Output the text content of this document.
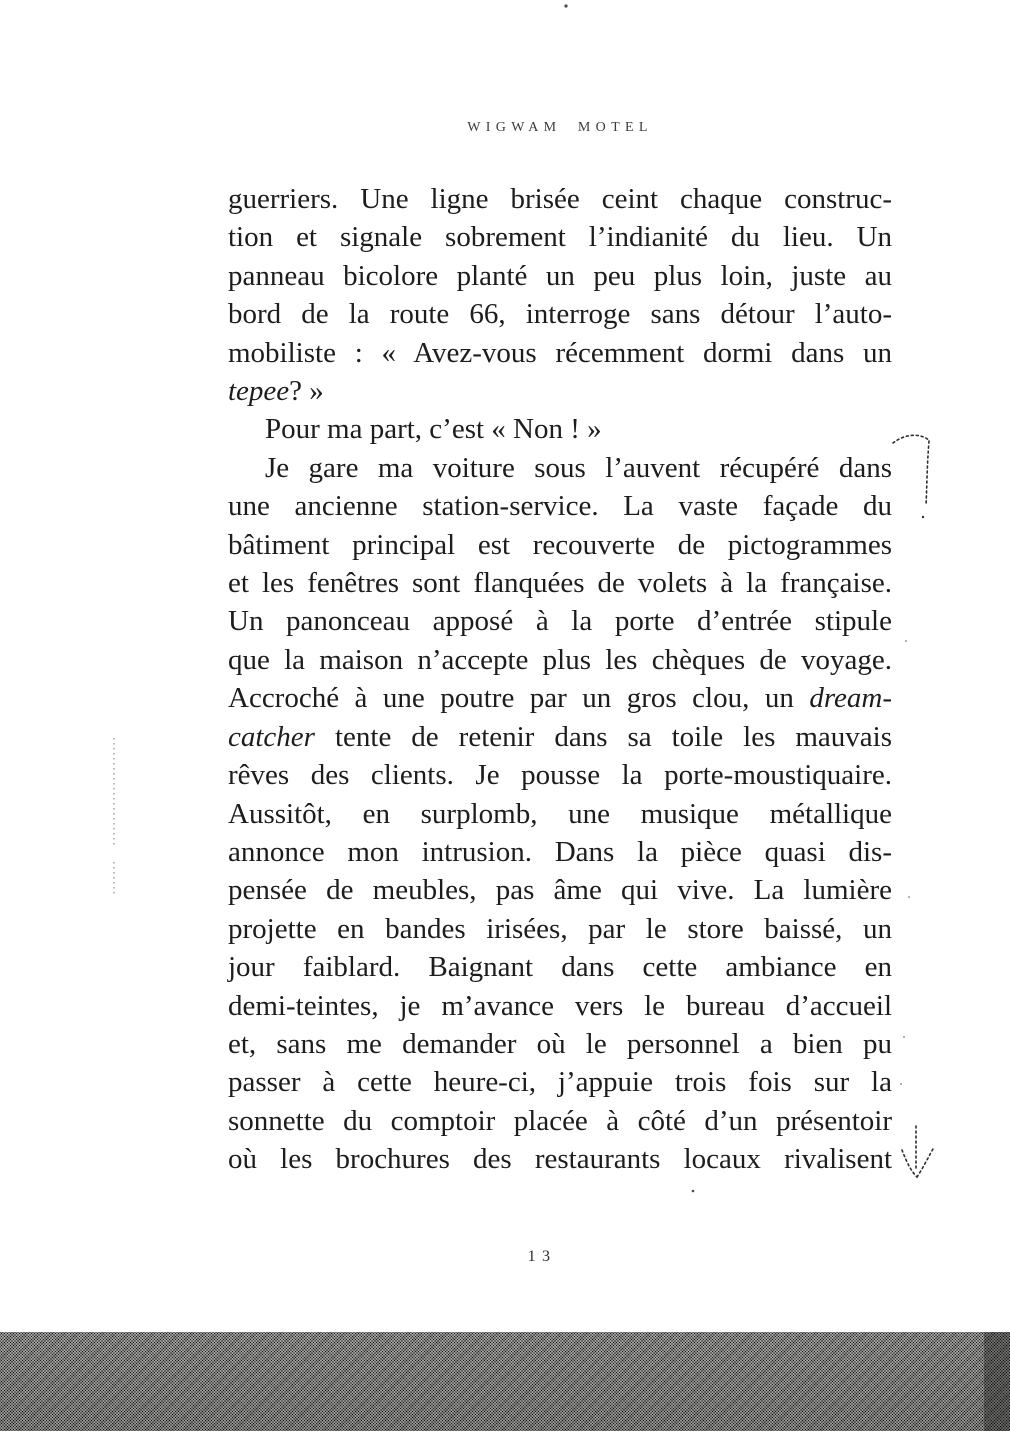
WIGWAM MOTEL
guerriers. Une ligne brisée ceint chaque construc-
tion et signale sobrement l’indianité du lieu. Un
panneau bicolore planté un peu plus loin, juste au
bord de la route 66, interroge sans détour l’auto-
mobiliste : « Avez-vous récemment dormi dans un
tepee? »
Pour ma part, c’est « Non ! »
Je gare ma voiture sous l’auvent récupéré dans
une ancienne station-service. La vaste façade du
bâtiment principal est recouverte de pictogrammes
et les fenêtres sont flanquées de volets à la française.
Un panonceau apposé à la porte d’entrée stipule
que la maison n’accepte plus les chèques de voyage.
Accroché à une poutre par un gros clou, un dream-
catcher tente de retenir dans sa toile les mauvais
rêves des clients. Je pousse la porte-moustiquaire.
Aussitôt, en surplomb, une musique métallique
annonce mon intrusion. Dans la pièce quasi dis-
pensée de meubles, pas âme qui vive. La lumière
projette en bandes irisées, par le store baissé, un
jour faiblard. Baignant dans cette ambiance en
demi-teintes, je m’avance vers le bureau d’accueil
et, sans me demander où le personnel a bien pu
passer à cette heure-ci, j’appuie trois fois sur la
sonnette du comptoir placée à côté d’un présentoir
où les brochures des restaurants locaux rivalisent
13
